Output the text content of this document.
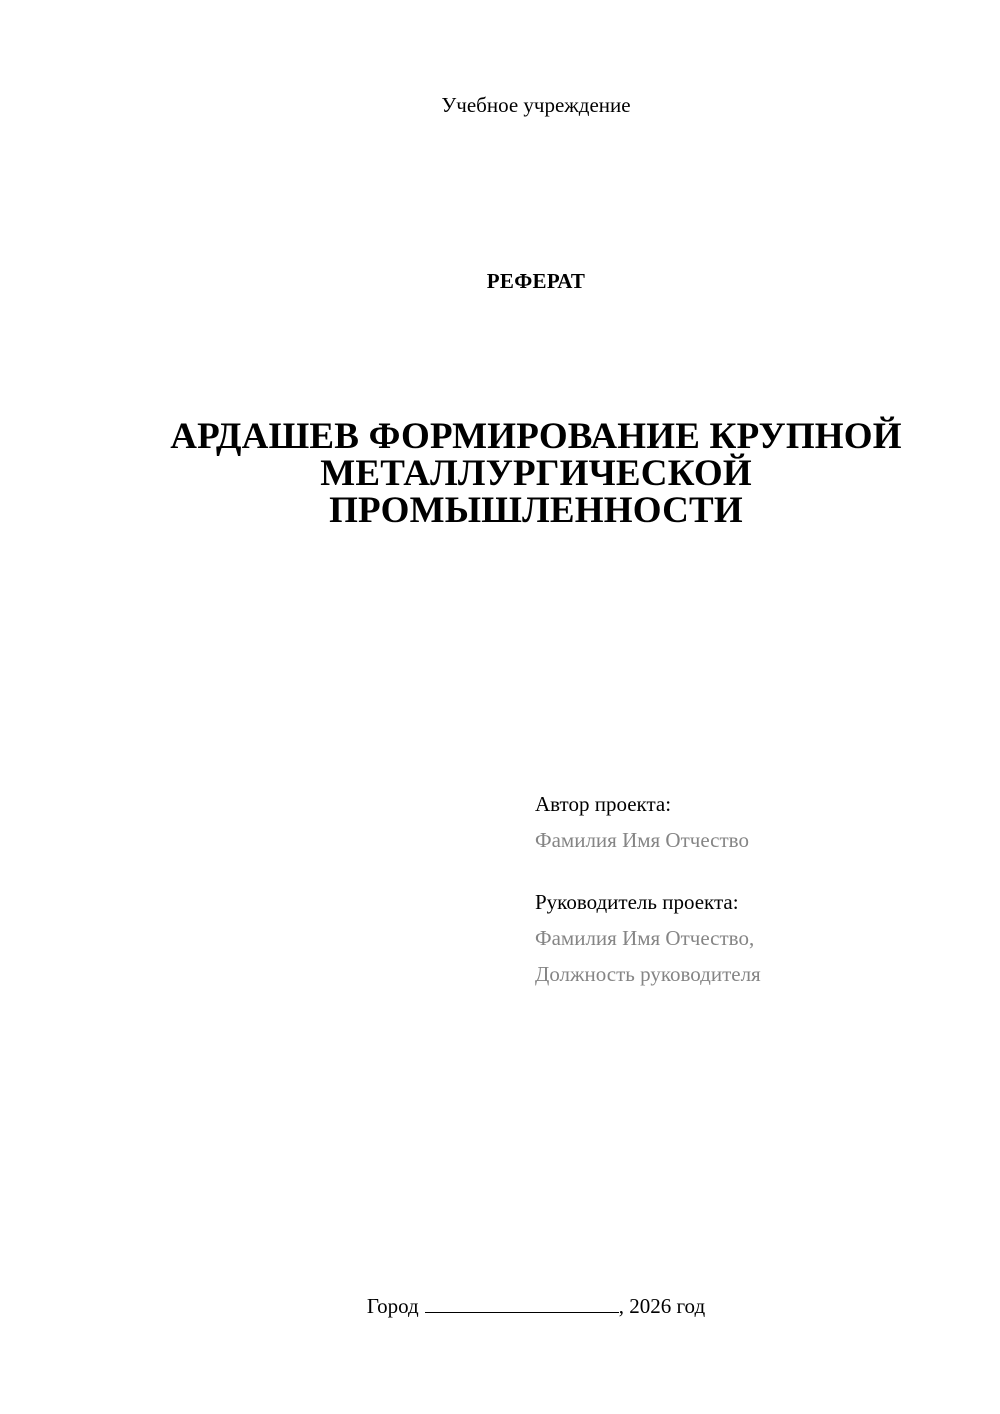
Учебное учреждение
РЕФЕРАТ
АРДАШЕВ ФОРМИРОВАНИЕ КРУПНОЙ МЕТАЛЛУРГИЧЕСКОЙ ПРОМЫШЛЕННОСТИ
Автор проекта:
Фамилия Имя Отчество
Руководитель проекта:
Фамилия Имя Отчество,
Должность руководителя
Город	, 2026 год
